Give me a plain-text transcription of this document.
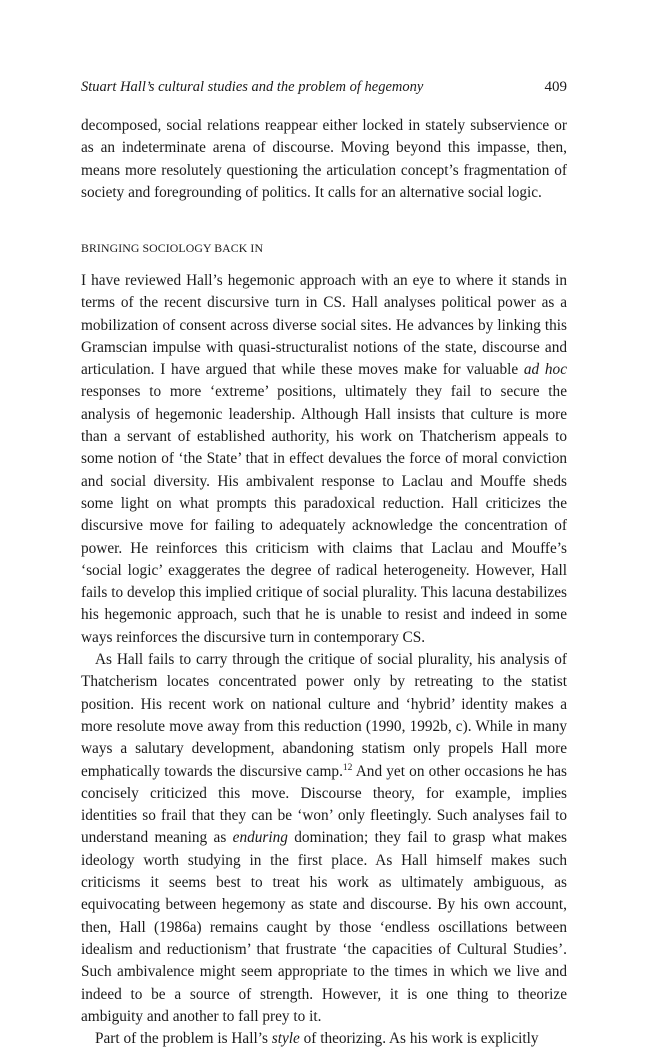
Stuart Hall’s cultural studies and the problem of hegemony	409

decomposed, social relations reappear either locked in stately subservience or as an indeterminate arena of discourse. Moving beyond this impasse, then, means more resolutely questioning the articulation concept’s fragmentation of society and foregrounding of politics. It calls for an alternative social logic.

BRINGING SOCIOLOGY BACK IN

I have reviewed Hall’s hegemonic approach with an eye to where it stands in terms of the recent discursive turn in CS. Hall analyses political power as a mobilization of consent across diverse social sites. He advances by linking this Gramscian impulse with quasi-structuralist notions of the state, discourse and articulation. I have argued that while these moves make for valuable ad hoc responses to more ‘extreme’ positions, ultimately they fail to secure the analysis of hegemonic leadership. Although Hall insists that culture is more than a servant of established authority, his work on Thatcherism appeals to some notion of ‘the State’ that in effect devalues the force of moral conviction and social diversity. His ambivalent response to Laclau and Mouffe sheds some light on what prompts this paradoxical reduction. Hall criticizes the discursive move for failing to adequately acknowledge the concentration of power. He reinforces this criticism with claims that Laclau and Mouffe’s ‘social logic’ exaggerates the degree of radical heterogeneity. However, Hall fails to develop this implied critique of social plurality. This lacuna destabilizes his hegemonic approach, such that he is unable to resist and indeed in some ways reinforces the discursive turn in contemporary CS.

As Hall fails to carry through the critique of social plurality, his analysis of Thatcherism locates concentrated power only by retreating to the statist position. His recent work on national culture and ‘hybrid’ identity makes a more resolute move away from this reduction (1990, 1992b, c). While in many ways a salutary development, abandoning statism only propels Hall more emphatically towards the discursive camp.$^{12}$ And yet on other occasions he has concisely criticized this move. Discourse theory, for example, implies identities so frail that they can be ‘won’ only fleetingly. Such analyses fail to understand meaning as enduring domination; they fail to grasp what makes ideology worth studying in the first place. As Hall himself makes such criticisms it seems best to treat his work as ultimately ambiguous, as equivocating between hegemony as state and discourse. By his own account, then, Hall (1986a) remains caught by those ‘endless oscillations between idealism and reductionism’ that frustrate ‘the capacities of Cultural Studies’. Such ambivalence might seem appropriate to the times in which we live and indeed to be a source of strength. However, it is one thing to theorize ambiguity and another to fall prey to it.

Part of the problem is Hall’s style of theorizing. As his work is explicitly
